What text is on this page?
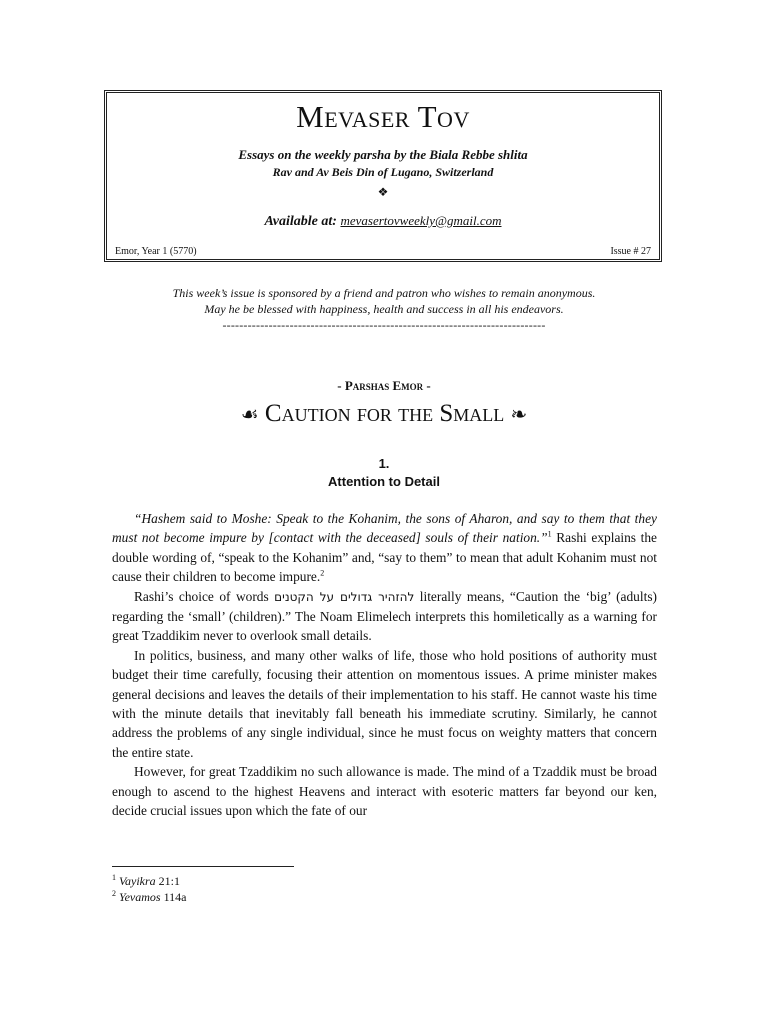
Mevaser Tov
Essays on the weekly parsha by the Biala Rebbe shlita
Rav and Av Beis Din of Lugano, Switzerland
❖
Available at: mevasertovweekly@gmail.com
Emor, Year 1 (5770)	Issue # 27
This week’s issue is sponsored by a friend and patron who wishes to remain anonymous.
May he be blessed with happiness, health and success in all his endeavors.
-----------------------------------------------------------------------------
- Parshas Emor -
☙ Caution for the Small ❧
1.
Attention to Detail

“Hashem said to Moshe: Speak to the Kohanim, the sons of Aharon, and say to them that they must not become impure by [contact with the deceased] souls of their nation.”$^1$ Rashi explains the double wording of, “speak to the Kohanim” and, “say to them” to mean that adult Kohanim must not cause their children to become impure.$^2$

Rashi’s choice of words להזהיר גדולים על הקטנים literally means, “Caution the ‘big’ (adults) regarding the ‘small’ (children).” The Noam Elimelech interprets this homiletically as a warning for great Tzaddikim never to overlook small details.

In politics, business, and many other walks of life, those who hold positions of authority must budget their time carefully, focusing their attention on momentous issues. A prime minister makes general decisions and leaves the details of their implementation to his staff. He cannot waste his time with the minute details that inevitably fall beneath his immediate scrutiny. Similarly, he cannot address the problems of any single individual, since he must focus on weighty matters that concern the entire state.

However, for great Tzaddikim no such allowance is made. The mind of a Tzaddik must be broad enough to ascend to the highest Heavens and interact with esoteric matters far beyond our ken, decide crucial issues upon which the fate of our

$^1$ Vayikra 21:1
$^2$ Yevamos 114a
